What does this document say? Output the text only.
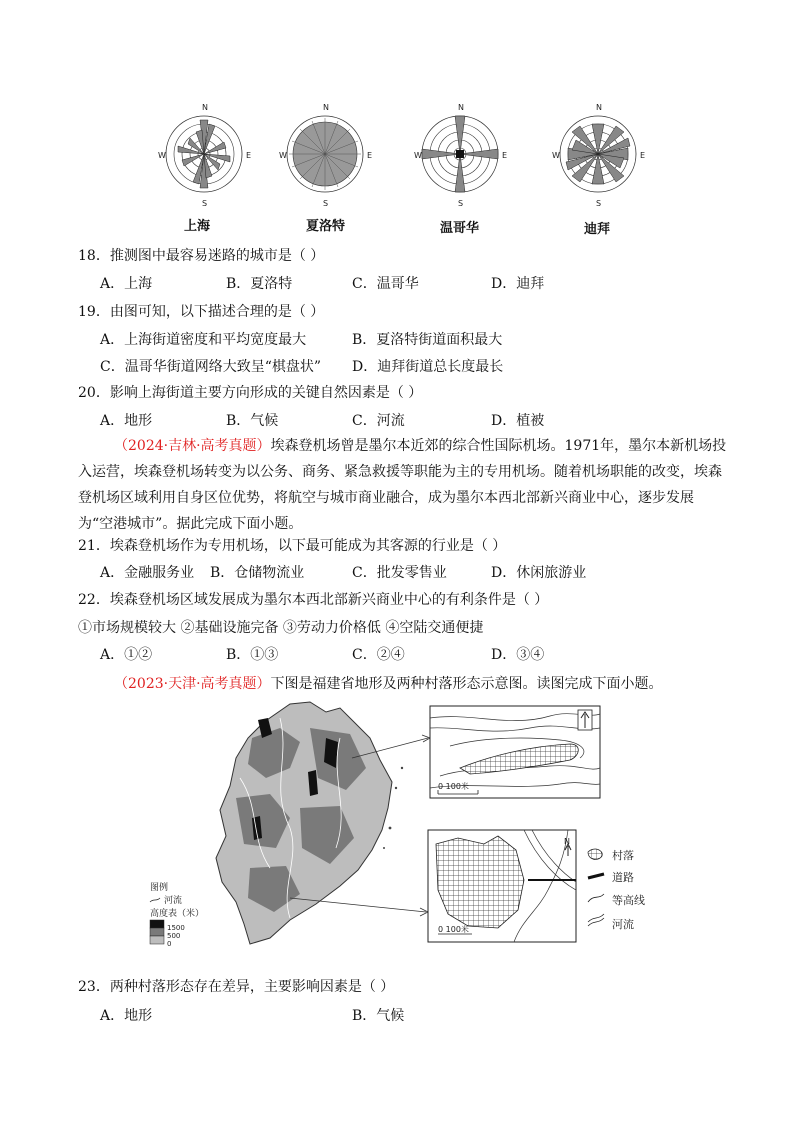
N
S
E
W
N
S
E
W
N
S
E
W
N
S
E
W
上海	夏洛特	温哥华	迪拜
18．推测图中最容易迷路的城市是（ ）
A．上海	B．夏洛特	C．温哥华	D．迪拜
19．由图可知，以下描述合理的是（ ）
A．上海街道密度和平均宽度最大	B．夏洛特街道面积最大
C．温哥华街道网络大致呈“棋盘状” D．迪拜街道总长度最长
20．影响上海街道主要方向形成的关键自然因素是（ ）
A．地形	B．气候	C．河流	D．植被
（2024·吉林·高考真题）埃森登机场曾是墨尔本近郊的综合性国际机场。1971年，墨尔本新机场投入运营，埃森登机场转变为以公务、商务、紧急救援等职能为主的专用机场。随着机场职能的改变，埃森登机场区域利用自身区位优势，将航空与城市商业融合，成为墨尔本西北部新兴商业中心，逐步发展为“空港城市”。据此完成下面小题。
21．埃森登机场作为专用机场，以下最可能成为其客源的行业是（ ）
A．金融服务业 B．仓储物流业	C．批发零售业	D．休闲旅游业
22．埃森登机场区域发展成为墨尔本西北部新兴商业中心的有利条件是（ ）
①市场规模较大 ②基础设施完备 ③劳动力价格低 ④空陆交通便捷
A．①②	B．①③	C．②④	D．③④
（2023·天津·高考真题）下图是福建省地形及两种村落形态示意图。读图完成下面小题。
0 100米
N
0 100米
村落
道路
等高线
河流
图例
河流
高度表（米）
1500
500
0
23．两种村落形态存在差异，主要影响因素是（ ）
A．地形	B．气候
